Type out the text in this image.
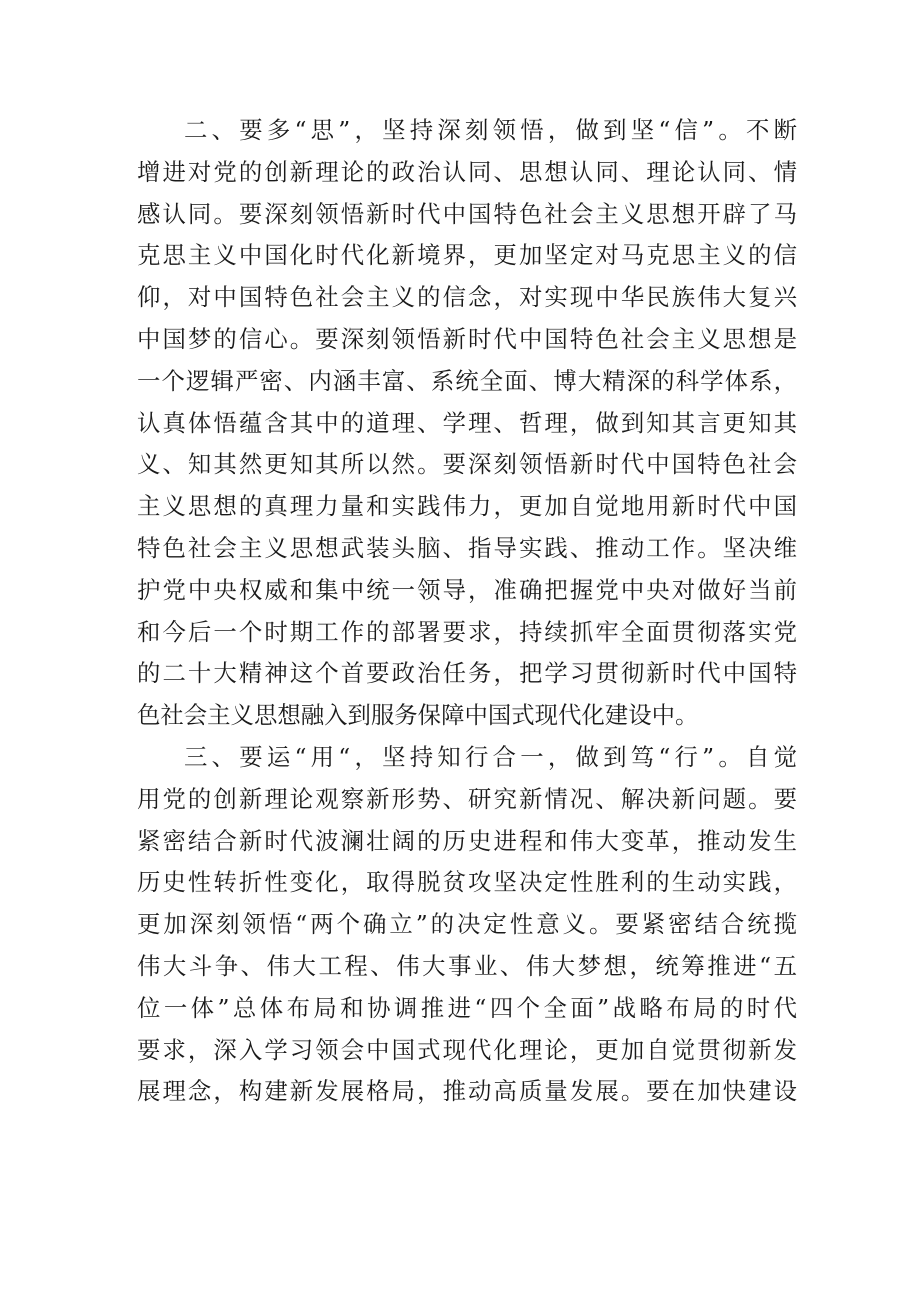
二、要多“思”，坚持深刻领悟，做到坚“信”。不断
增进对党的创新理论的政治认同、思想认同、理论认同、情
感认同。要深刻领悟新时代中国特色社会主义思想开辟了马
克思主义中国化时代化新境界，更加坚定对马克思主义的信
仰，对中国特色社会主义的信念，对实现中华民族伟大复兴
中国梦的信心。要深刻领悟新时代中国特色社会主义思想是
一个逻辑严密、内涵丰富、系统全面、博大精深的科学体系，
认真体悟蕴含其中的道理、学理、哲理，做到知其言更知其
义、知其然更知其所以然。要深刻领悟新时代中国特色社会
主义思想的真理力量和实践伟力，更加自觉地用新时代中国
特色社会主义思想武装头脑、指导实践、推动工作。坚决维
护党中央权威和集中统一领导，准确把握党中央对做好当前
和今后一个时期工作的部署要求，持续抓牢全面贯彻落实党
的二十大精神这个首要政治任务，把学习贯彻新时代中国特
色社会主义思想融入到服务保障中国式现代化建设中。
三、要运“用“，坚持知行合一，做到笃“行”。自觉
用党的创新理论观察新形势、研究新情况、解决新问题。要
紧密结合新时代波澜壮阔的历史进程和伟大变革，推动发生
历史性转折性变化，取得脱贫攻坚决定性胜利的生动实践，
更加深刻领悟“两个确立”的决定性意义。要紧密结合统揽
伟大斗争、伟大工程、伟大事业、伟大梦想，统筹推进“五
位一体”总体布局和协调推进“四个全面”战略布局的时代
要求，深入学习领会中国式现代化理论，更加自觉贯彻新发
展理念，构建新发展格局，推动高质量发展。要在加快建设
